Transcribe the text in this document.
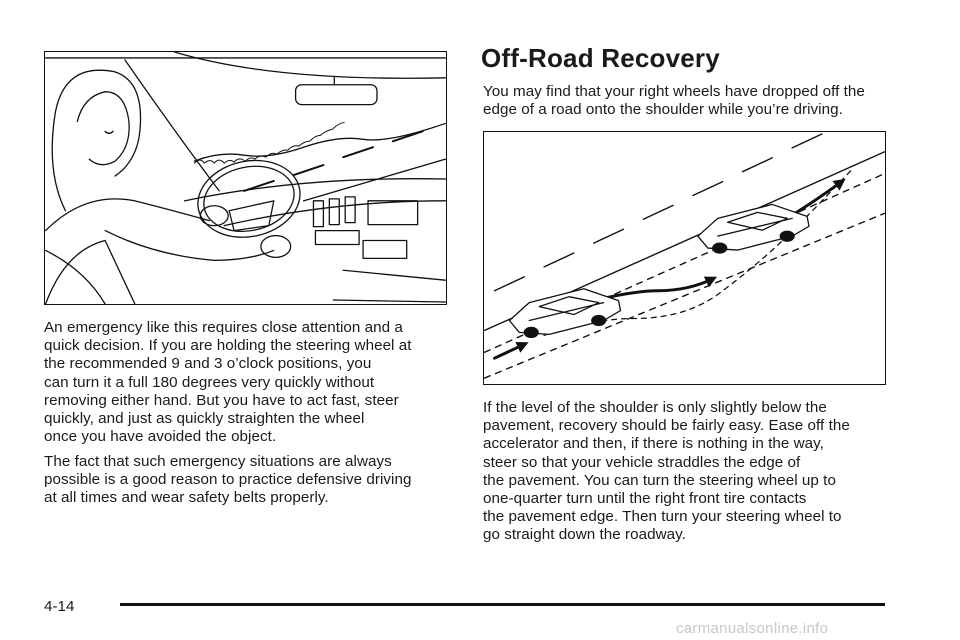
An emergency like this requires close attention and a
quick decision. If you are holding the steering wheel at
the recommended 9 and 3 o’clock positions, you
can turn it a full 180 degrees very quickly without
removing either hand. But you have to act fast, steer
quickly, and just as quickly straighten the wheel
once you have avoided the object.

The fact that such emergency situations are always
possible is a good reason to practice defensive driving
at all times and wear safety belts properly.

Off-Road Recovery

You may find that your right wheels have dropped off the
edge of a road onto the shoulder while you’re driving.

If the level of the shoulder is only slightly below the
pavement, recovery should be fairly easy. Ease off the
accelerator and then, if there is nothing in the way,
steer so that your vehicle straddles the edge of
the pavement. You can turn the steering wheel up to
one-quarter turn until the right front tire contacts
the pavement edge. Then turn your steering wheel to
go straight down the roadway.

4-14
carmanualsonline.info
